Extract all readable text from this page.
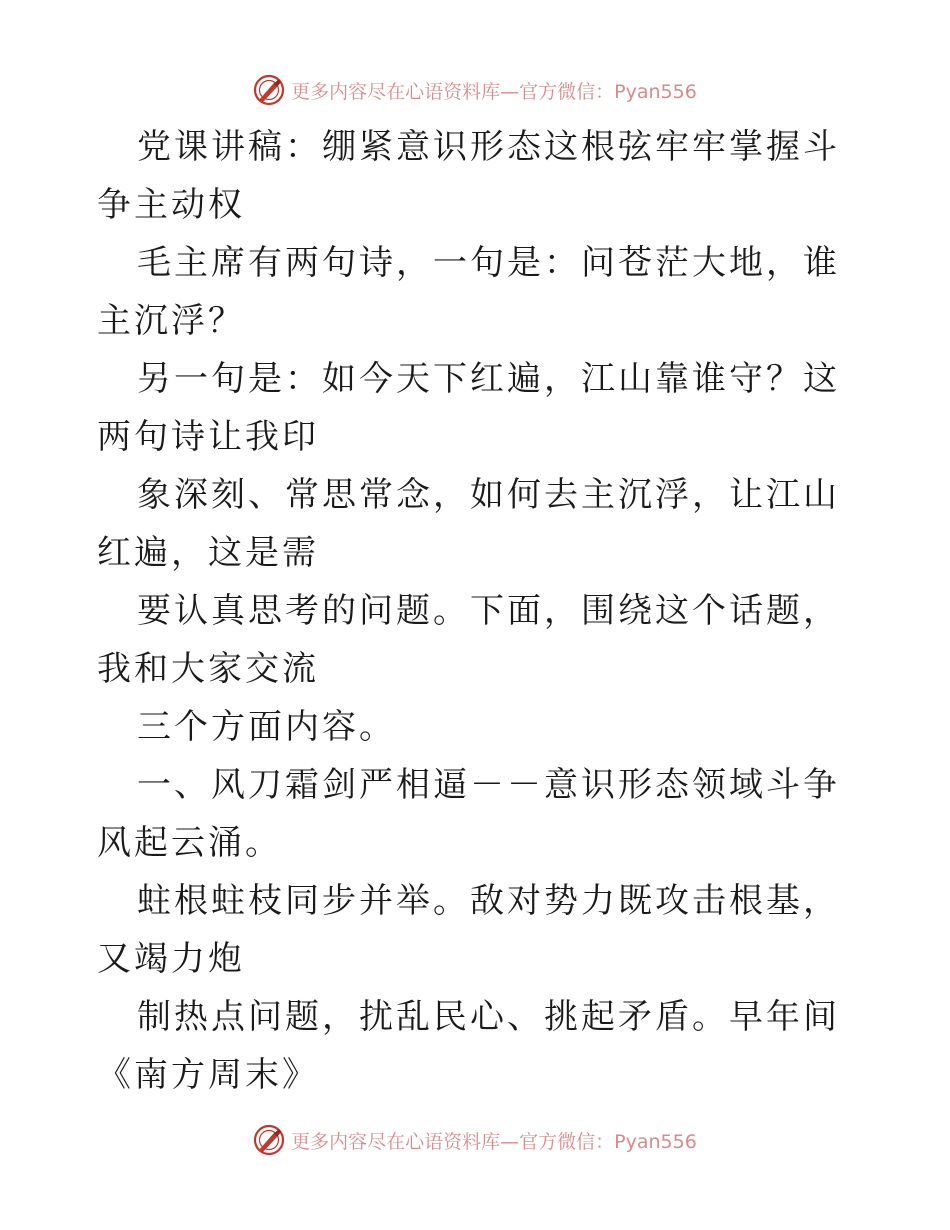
更多内容尽在心语资料库—官方微信：Pyan556

党课讲稿：绷紧意识形态这根弦牢牢掌握斗争主动权

毛主席有两句诗，一句是：问苍茫大地，谁主沉浮？

另一句是：如今天下红遍，江山靠谁守？这两句诗让我印

象深刻、常思常念，如何去主沉浮，让江山红遍，这是需

要认真思考的问题。下面，围绕这个话题，我和大家交流

三个方面内容。

一、风刀霜剑严相逼－－意识形态领域斗争风起云涌。

蛀根蛀枝同步并举。敌对势力既攻击根基，又竭力炮

制热点问题，扰乱民心、挑起矛盾。早年间《南方周末》

更多内容尽在心语资料库—官方微信：Pyan556
